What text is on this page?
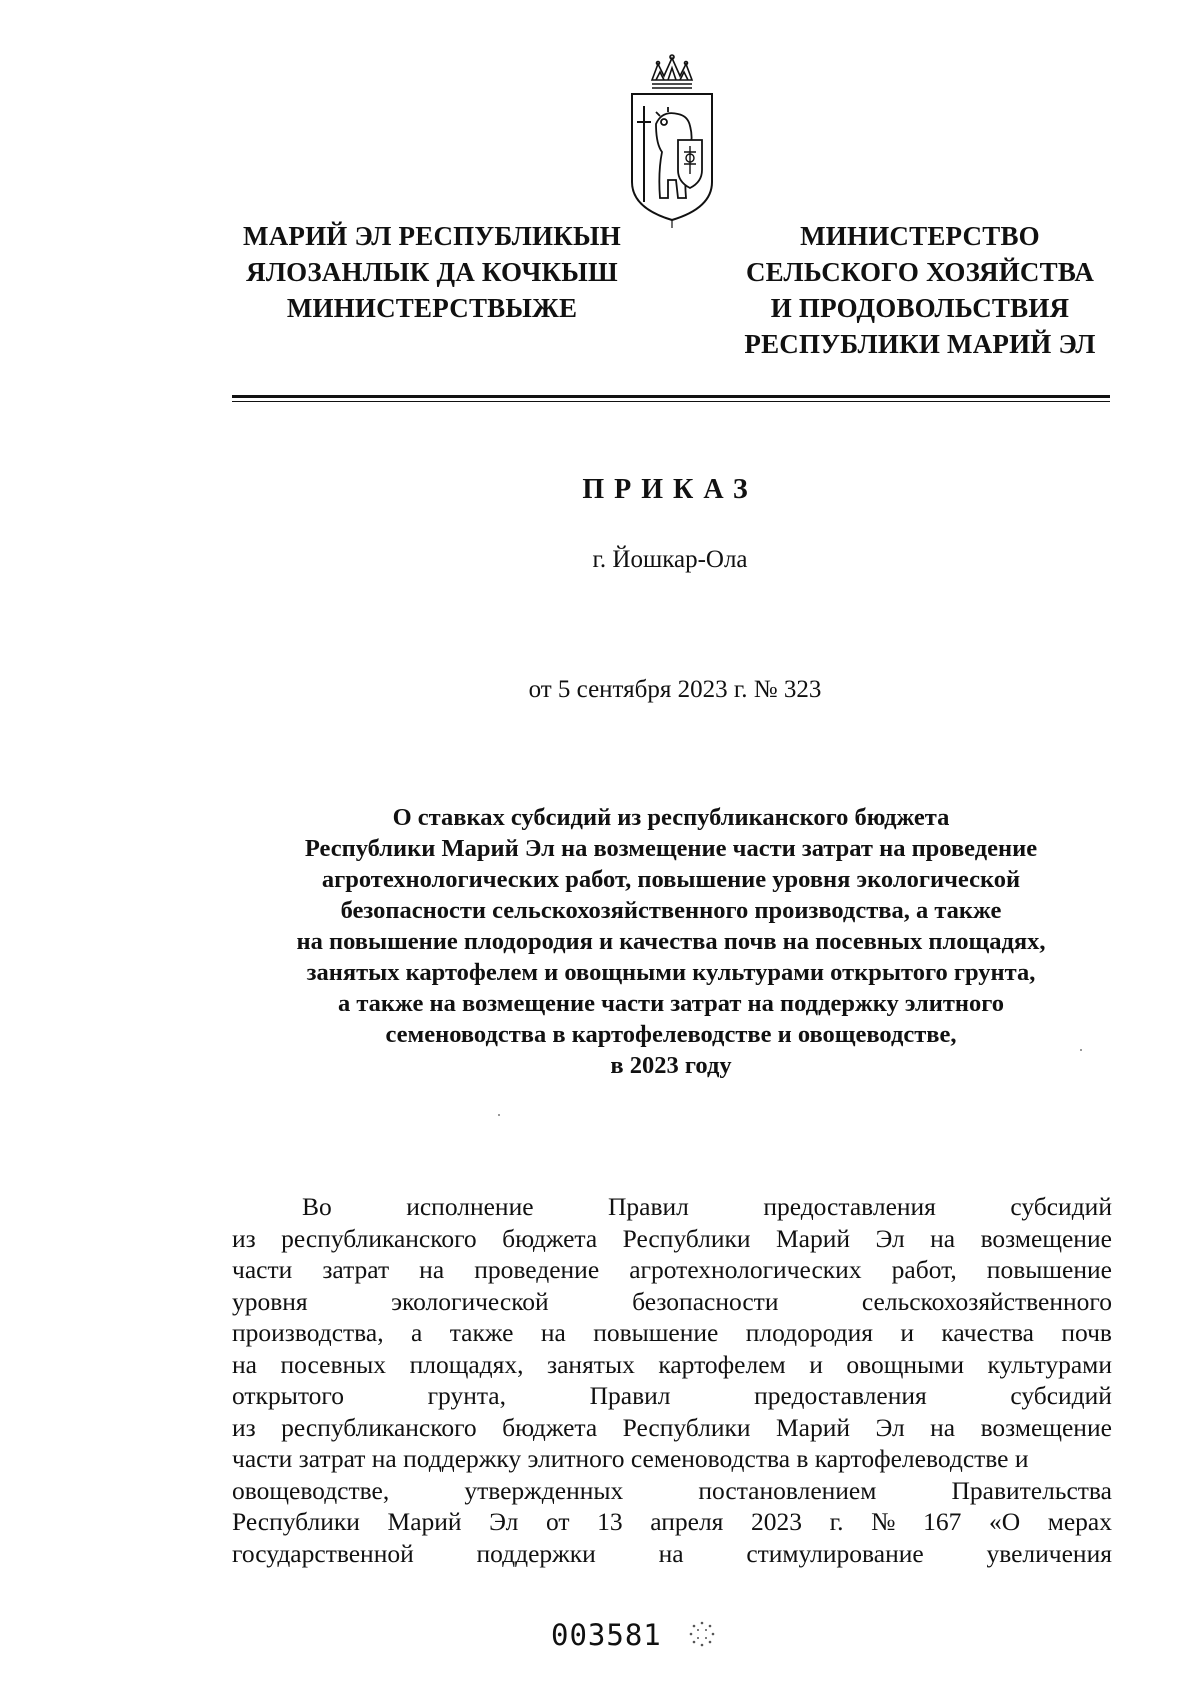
МАРИЙ ЭЛ РЕСПУБЛИКЫН
ЯЛОЗАНЛЫК ДА КОЧКЫШ
МИНИСТЕРСТВЫЖЕ
МИНИСТЕРСТВО
СЕЛЬСКОГО ХОЗЯЙСТВА
И ПРОДОВОЛЬСТВИЯ
РЕСПУБЛИКИ МАРИЙ ЭЛ
ПРИКАЗ
г. Йошкар-Ола
от 5 сентября 2023 г. № 323
О ставках субсидий из республиканского бюджета
Республики Марий Эл на возмещение части затрат на проведение
агротехнологических работ, повышение уровня экологической
безопасности сельскохозяйственного производства, а также
на повышение плодородия и качества почв на посевных площадях,
занятых картофелем и овощными культурами открытого грунта,
а также на возмещение части затрат на поддержку элитного
семеноводства в картофелеводстве и овощеводстве,
в 2023 году
Во	исполнение	Правил	предоставления	субсидий
из республиканского бюджета Республики Марий Эл на возмещение
части затрат на проведение агротехнологических работ, повышение
уровня	экологической	безопасности	сельскохозяйственного
производства, а также на повышение плодородия и качества почв
на посевных площадях, занятых картофелем и овощными культурами
открытого	грунта,	Правил	предоставления	субсидий
из республиканского бюджета Республики Марий Эл на возмещение
части затрат на поддержку элитного семеноводства в картофелеводстве и
овощеводстве,	утвержденных	постановлением	Правительства
Республики Марий Эл от 13 апреля 2023 г. № 167 «О мерах
государственной поддержки на стимулирование увеличения
003581
